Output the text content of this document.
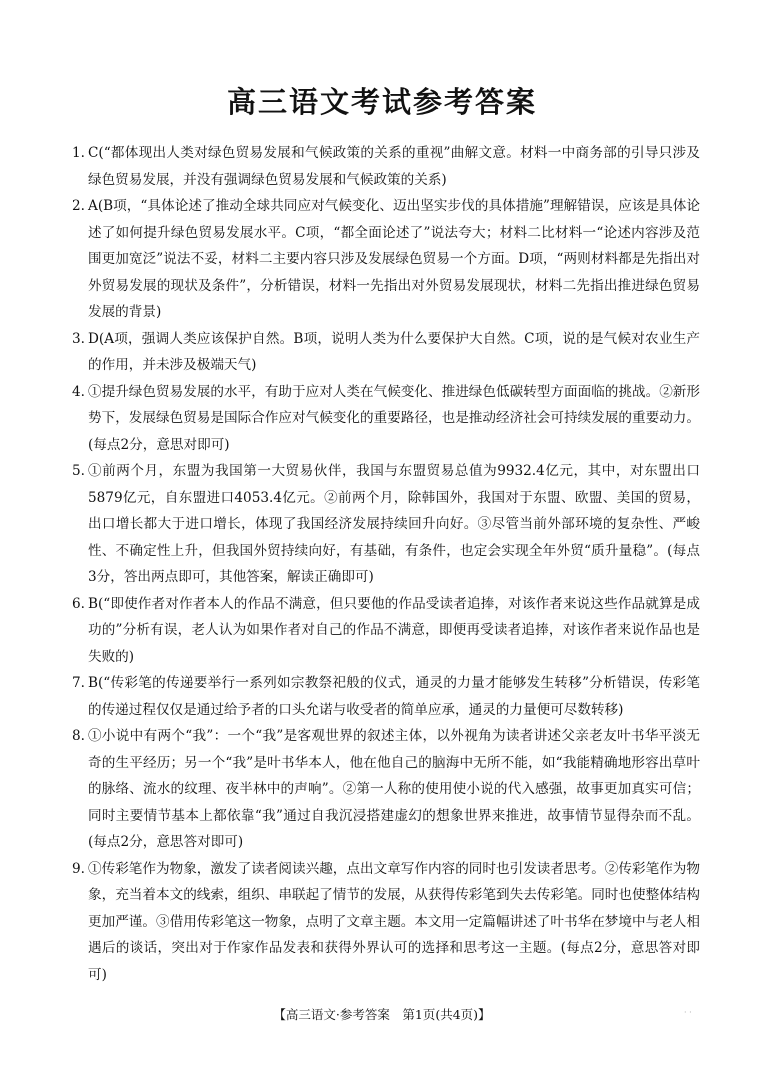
高三语文考试参考答案
1. C(“都体现出人类对绿色贸易发展和气候政策的关系的重视”曲解文意。材料一中商务部的引导只涉及绿色贸易发展，并没有强调绿色贸易发展和气候政策的关系)
2. A(B项，“具体论述了推动全球共同应对气候变化、迈出坚实步伐的具体措施”理解错误，应该是具体论述了如何提升绿色贸易发展水平。C项，“都全面论述了”说法夸大；材料二比材料一“论述内容涉及范围更加宽泛”说法不妥，材料二主要内容只涉及发展绿色贸易一个方面。D项，“两则材料都是先指出对外贸易发展的现状及条件”，分析错误，材料一先指出对外贸易发展现状，材料二先指出推进绿色贸易发展的背景)
3. D(A项，强调人类应该保护自然。B项，说明人类为什么要保护大自然。C项，说的是气候对农业生产的作用，并未涉及极端天气)
4. ①提升绿色贸易发展的水平，有助于应对人类在气候变化、推进绿色低碳转型方面面临的挑战。②新形势下，发展绿色贸易是国际合作应对气候变化的重要路径，也是推动经济社会可持续发展的重要动力。(每点2分，意思对即可)
5. ①前两个月，东盟为我国第一大贸易伙伴，我国与东盟贸易总值为9932.4亿元，其中，对东盟出口5879亿元，自东盟进口4053.4亿元。②前两个月，除韩国外，我国对于东盟、欧盟、美国的贸易，出口增长都大于进口增长，体现了我国经济发展持续回升向好。③尽管当前外部环境的复杂性、严峻性、不确定性上升，但我国外贸持续向好，有基础，有条件，也定会实现全年外贸“质升量稳”。(每点3分，答出两点即可，其他答案，解读正确即可)
6. B(“即使作者对作者本人的作品不满意，但只要他的作品受读者追捧，对该作者来说这些作品就算是成功的”分析有误，老人认为如果作者对自己的作品不满意，即便再受读者追捧，对该作者来说作品也是失败的)
7. B(“传彩笔的传递要举行一系列如宗教祭祀般的仪式，通灵的力量才能够发生转移”分析错误，传彩笔的传递过程仅仅是通过给予者的口头允诺与收受者的简单应承，通灵的力量便可尽数转移)
8. ①小说中有两个“我”：一个“我”是客观世界的叙述主体，以外视角为读者讲述父亲老友叶书华平淡无奇的生平经历；另一个“我”是叶书华本人，他在他自己的脑海中无所不能，如“我能精确地形容出草叶的脉络、流水的纹理、夜半林中的声响”。②第一人称的使用使小说的代入感强，故事更加真实可信；同时主要情节基本上都依靠“我”通过自我沉浸搭建虚幻的想象世界来推进，故事情节显得杂而不乱。(每点2分，意思答对即可)
9. ①传彩笔作为物象，激发了读者阅读兴趣，点出文章写作内容的同时也引发读者思考。②传彩笔作为物象，充当着本文的线索，组织、串联起了情节的发展，从获得传彩笔到失去传彩笔。同时也使整体结构更加严谨。③借用传彩笔这一物象，点明了文章主题。本文用一定篇幅讲述了叶书华在梦境中与老人相遇后的谈话，突出对于作家作品发表和获得外界认可的选择和思考这一主题。(每点2分，意思答对即可)
【高三语文·参考答案　第1页(共4页)】	· ·
